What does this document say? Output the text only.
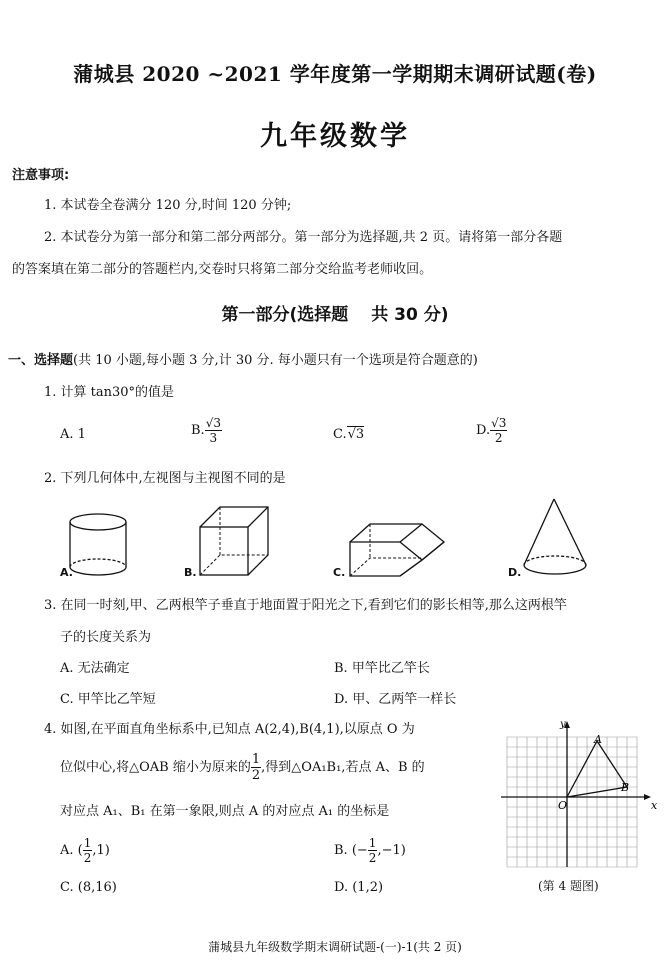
蒲城县 2020 ~2021 学年度第一学期期末调研试题(卷)
九年级数学
注意事项:
1. 本试卷全卷满分 120 分,时间 120 分钟;
2. 本试卷分为第一部分和第二部分两部分。第一部分为选择题,共 2 页。请将第一部分各题
的答案填在第二部分的答题栏内,交卷时只将第二部分交给监考老师收回。
第一部分(选择题　 共 30 分)
一、选择题(共 10 小题,每小题 3 分,计 30 分. 每小题只有一个选项是符合题意的)
1. 计算 tan30°的值是
A. 1	B. $\frac{√3}{3}$	C.√3	D. $\frac{√3}{2}$
2. 下列几何体中,左视图与主视图不同的是
A.	B.	C.	D.
3. 在同一时刻,甲、乙两根竿子垂直于地面置于阳光之下,看到它们的影长相等,那么这两根竿
子的长度关系为
A. 无法确定	B. 甲竿比乙竿长
C. 甲竿比乙竿短	D. 甲、乙两竿一样长
4. 如图,在平面直角坐标系中,已知点 A(2,4),B(4,1),以原点 O 为
位似中心,将△OAB 缩小为原来的 $\frac{1}{2}$ ,得到△OA₁B₁,若点 A、B 的
对应点 A₁、B₁ 在第一象限,则点 A 的对应点 A₁ 的坐标是
A. ( $\frac{1}{2} ,1$)	B. (− $\frac{1}{2} ,-1$)
C. (8,16)	D. (1,2)
y
x
O
A
B
(第 4 题图)
蒲城县九年级数学期末调研试题-(一)-1(共 2 页)
